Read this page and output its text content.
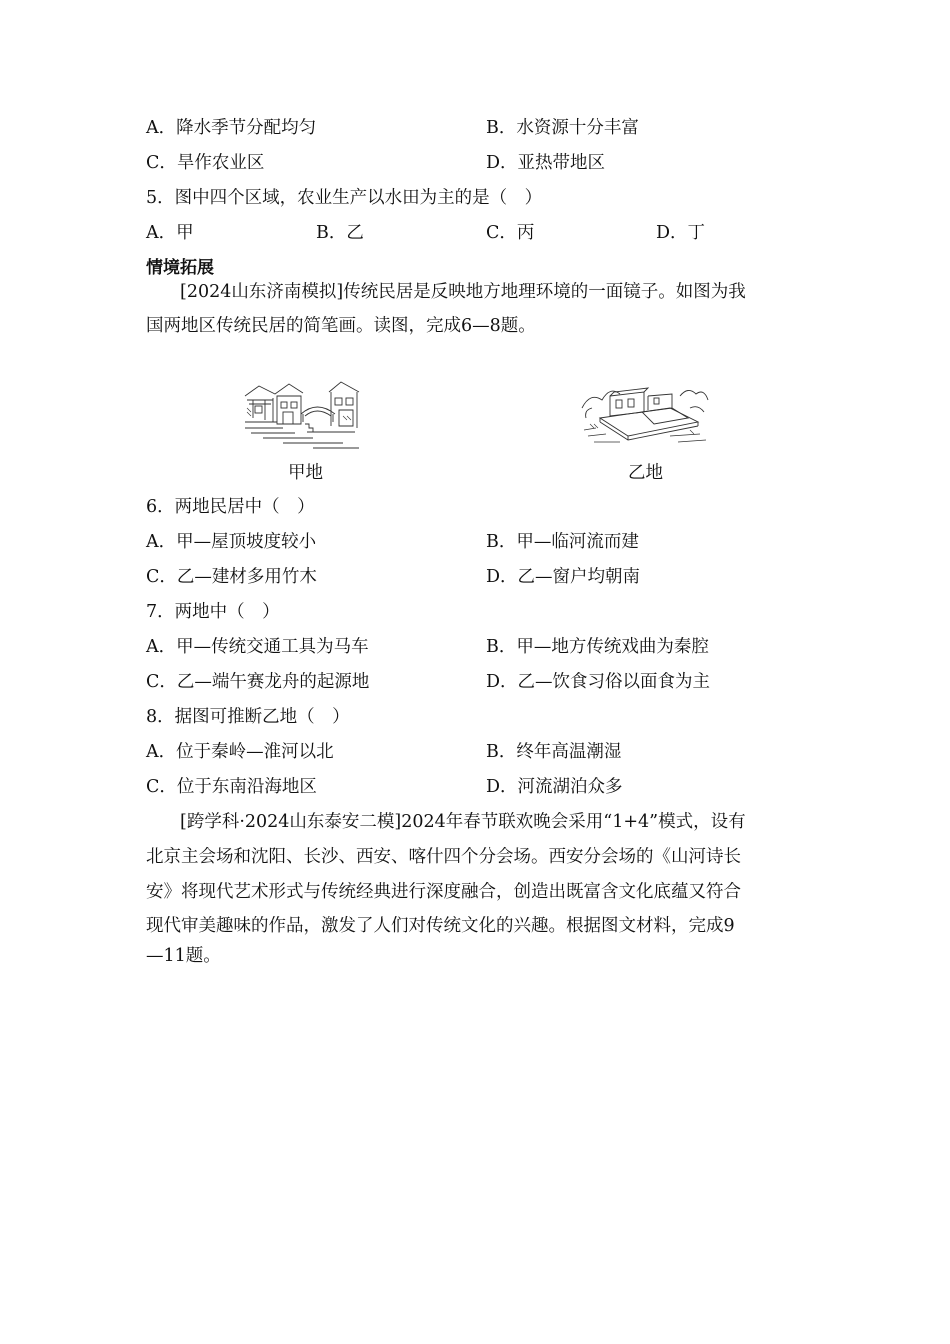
A．降水季节分配均匀	B．水资源十分丰富
C．旱作农业区	D．亚热带地区
5．图中四个区域，农业生产以水田为主的是（　）
A．甲	B．乙	C．丙	D．丁
情境拓展
[2024山东济南模拟]传统民居是反映地方地理环境的一面镜子。如图为我
国两地区传统民居的简笔画。读图，完成6—8题。
甲地	乙地
6．两地民居中（　）
A．甲—屋顶坡度较小	B．甲—临河流而建
C．乙—建材多用竹木	D．乙—窗户均朝南
7．两地中（　）
A．甲—传统交通工具为马车	B．甲—地方传统戏曲为秦腔
C．乙—端午赛龙舟的起源地	D．乙—饮食习俗以面食为主
8．据图可推断乙地（　）
A．位于秦岭—淮河以北	B．终年高温潮湿
C．位于东南沿海地区	D．河流湖泊众多
[跨学科·2024山东泰安二模]2024年春节联欢晚会采用“1+4”模式，设有
北京主会场和沈阳、长沙、西安、喀什四个分会场。西安分会场的《山河诗长
安》将现代艺术形式与传统经典进行深度融合，创造出既富含文化底蕴又符合
现代审美趣味的作品，激发了人们对传统文化的兴趣。根据图文材料，完成9
—11题。
